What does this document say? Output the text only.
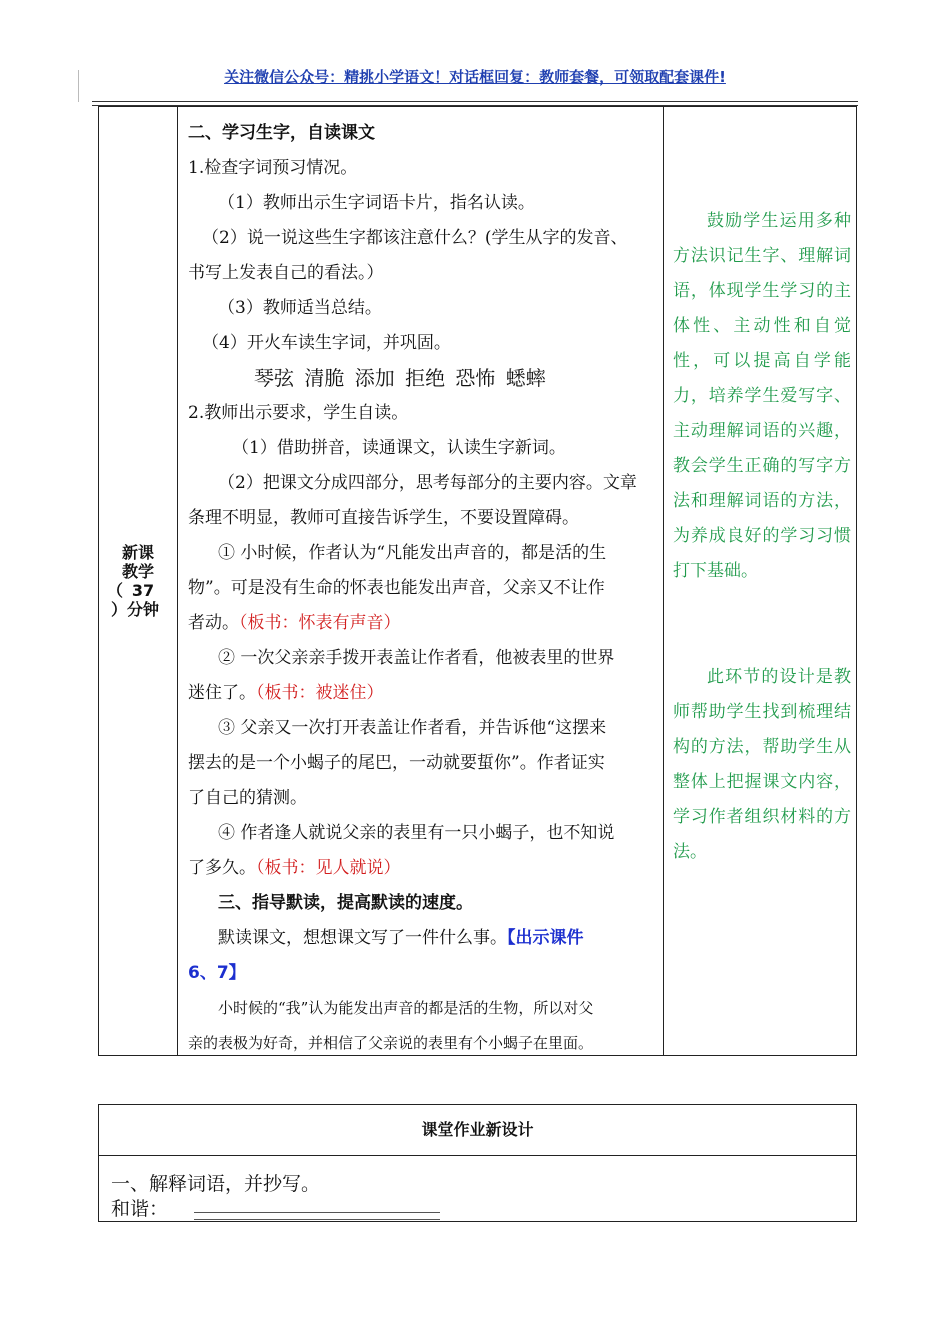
关注微信公众号：精挑小学语文！对话框回复：教师套餐，可领取配套课件!
新课
教学
（ 37
）分钟
二、学习生字，自读课文
1.检查字词预习情况。
（1）教师出示生字词语卡片，指名认读。
（2）说一说这些生字都该注意什么？(学生从字的发音、
书写上发表自己的看法。）
（3）教师适当总结。
（4）开火车读生字词，并巩固。
琴弦 清脆 添加 拒绝 恐怖 蟋蟀
2.教师出示要求，学生自读。
（1）借助拼音，读通课文，认读生字新词。
（2）把课文分成四部分，思考每部分的主要内容。文章
条理不明显，教师可直接告诉学生，不要设置障碍。
① 小时候，作者认为“凡能发出声音的，都是活的生
物”。可是没有生命的怀表也能发出声音，父亲又不让作
者动。（板书：怀表有声音）
② 一次父亲亲手拨开表盖让作者看，他被表里的世界
迷住了。（板书：被迷住）
③ 父亲又一次打开表盖让作者看，并告诉他“这摆来
摆去的是一个小蝎子的尾巴，一动就要蜇你”。作者证实
了自己的猜测。
④ 作者逢人就说父亲的表里有一只小蝎子，也不知说
了多久。（板书：见人就说）
三、指导默读，提高默读的速度。
默读课文，想想课文写了一件什么事。【出示课件
6、7】
小时候的“我”认为能发出声音的都是活的生物，所以对父
亲的表极为好奇，并相信了父亲说的表里有个小蝎子在里面。

鼓励学生运用多种方法识记生字、理解词语，体现学生学习的主体性、主动性和自觉性，可以提高自学能力，培养学生爱写字、主动理解词语的兴趣，教会学生正确的写字方法和理解词语的方法，为养成良好的学习习惯打下基础。

此环节的设计是教师帮助学生找到梳理结构的方法，帮助学生从整体上把握课文内容，学习作者组织材料的方法。

课堂作业新设计
一、解释词语，并抄写。
和谐：
